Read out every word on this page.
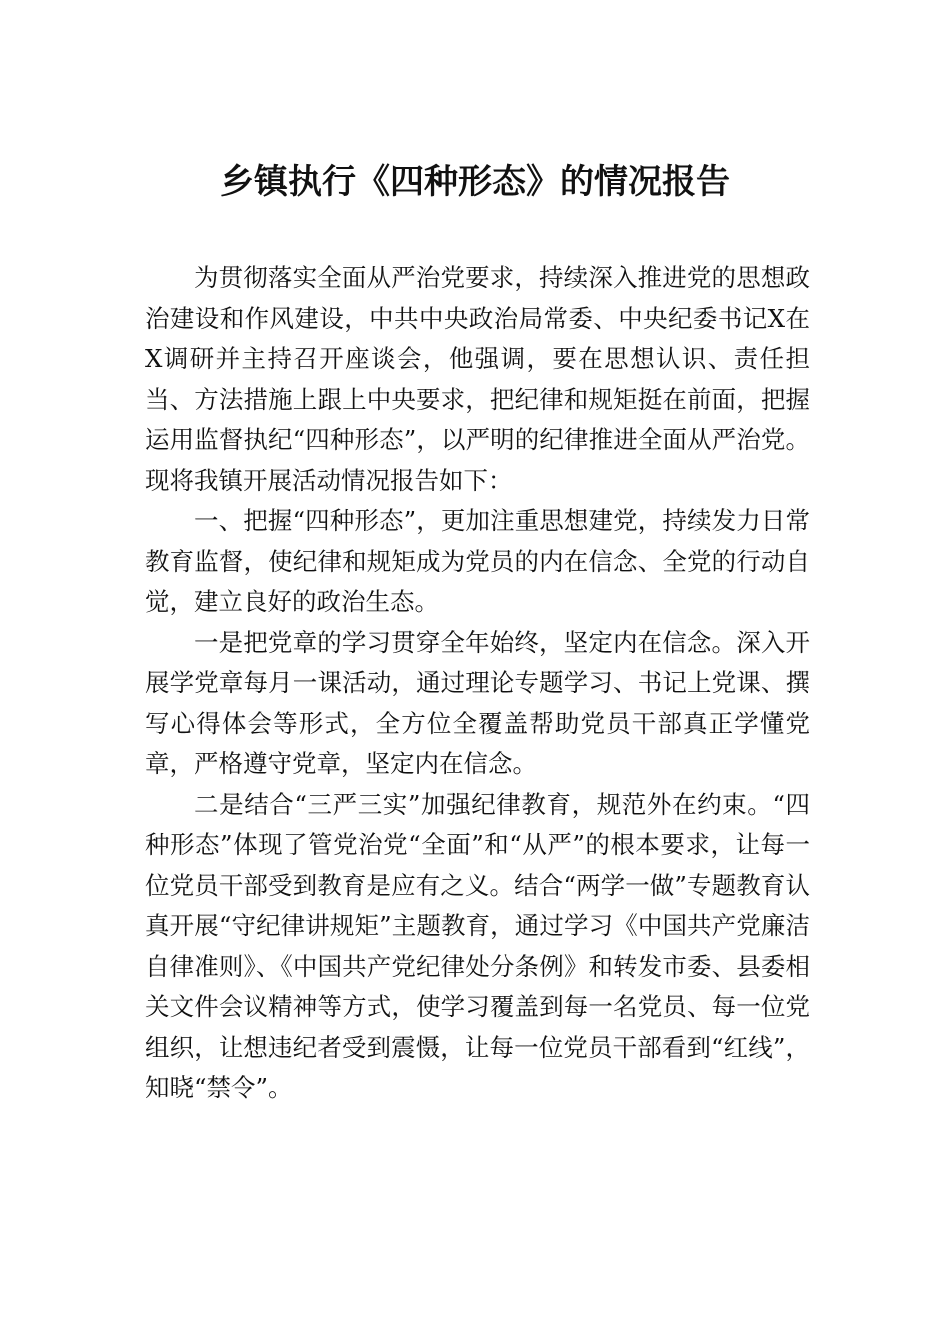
乡镇执行《四种形态》的情况报告

为贯彻落实全面从严治党要求，持续深入推进党的思想政治建设和作风建设，中共中央政治局常委、中央纪委书记X在 X调研并主持召开座谈会，他强调，要在思想认识、责任担当、方法措施上跟上中央要求，把纪律和规矩挺在前面，把握运用监督执纪“四种形态”，以严明的纪律推进全面从严治党。现将我镇开展活动情况报告如下：

一、把握“四种形态”，更加注重思想建党，持续发力日常教育监督，使纪律和规矩成为党员的内在信念、全党的行动自觉，建立良好的政治生态。

一是把党章的学习贯穿全年始终，坚定内在信念。深入开展学党章每月一课活动，通过理论专题学习、书记上党课、撰写心得体会等形式，全方位全覆盖帮助党员干部真正学懂党章，严格遵守党章，坚定内在信念。

二是结合“三严三实”加强纪律教育，规范外在约束。“四种形态”体现了管党治党“全面”和“从严”的根本要求，让每一位党员干部受到教育是应有之义。结合“两学一做”专题教育认真开展“守纪律讲规矩”主题教育，通过学习《中国共产党廉洁自律准则》、《中国共产党纪律处分条例》和转发市委、县委相关文件会议精神等方式，使学习覆盖到每一名党员、每一位党组织，让想违纪者受到震慑，让每一位党员干部看到“红线”，知晓“禁令”。
